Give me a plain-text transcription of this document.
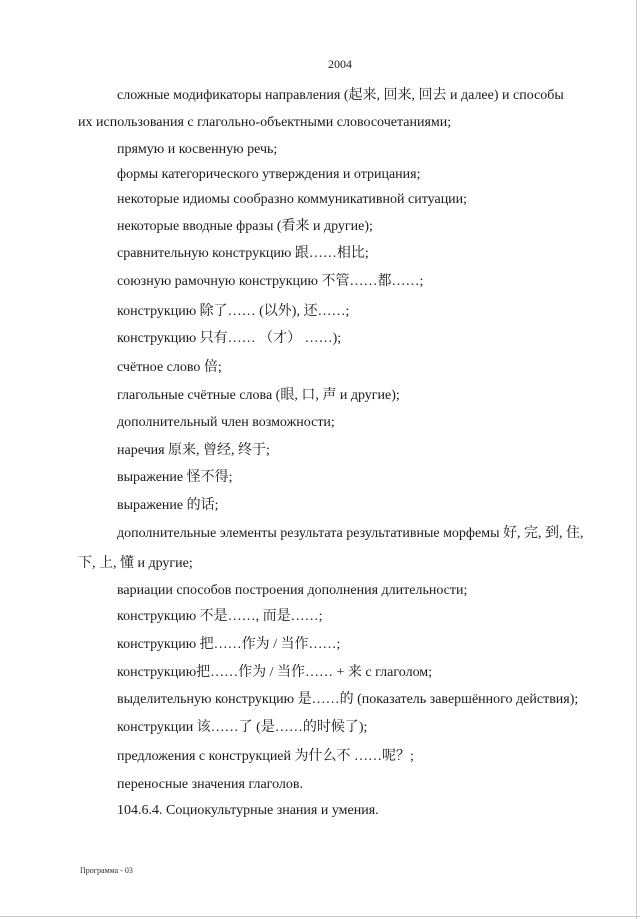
2004
сложные модификаторы направления (起来, 回来, 回去 и далее) и способы
их использования с глагольно-объектными словосочетаниями;
прямую и косвенную речь;
формы категорического утверждения и отрицания;
некоторые идиомы сообразно коммуникативной ситуации;
некоторые вводные фразы (看来 и другие);
сравнительную конструкцию 跟……相比;
союзную рамочную конструкцию 不管……都……;
конструкцию 除了…… (以外), 还……;
конструкцию 只有…… （才） ……);
счётное слово 倍;
глагольные счётные слова (眼, 口, 声 и другие);
дополнительный член возможности;
наречия 原来, 曾经, 终于;
выражение 怪不得;
выражение 的话;
дополнительные элементы результата результативные морфемы 好, 完, 到, 住,
下, 上, 懂 и другие;
вариации способов построения дополнения длительности;
конструкцию 不是……, 而是……;
конструкцию 把……作为 / 当作……;
конструкцию把……作为 / 当作…… + 来 с глаголом;
выделительную конструкцию 是……的 (показатель завершённого действия);
конструкции 该……了 (是……的时候了);
предложения с конструкцией 为什么不 ……呢？;
переносные значения глаголов.
104.6.4. Социокультурные знания и умения.
Программа - 03
